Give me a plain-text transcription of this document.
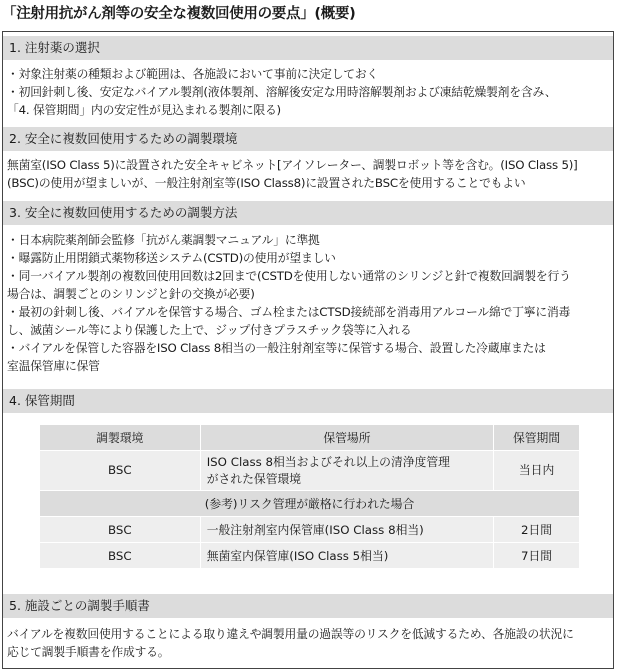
「注射用抗がん剤等の安全な複数回使用の要点」(概要)
1. 注射薬の選択
・対象注射薬の種類および範囲は、各施設において事前に決定しておく
・初回針刺し後、安定なバイアル製剤(液体製剤、溶解後安定な用時溶解製剤および凍結乾燥製剤を含み、
「4. 保管期間」内の安定性が見込まれる製剤に限る)
2. 安全に複数回使用するための調製環境
無菌室(ISO Class 5)に設置された安全キャビネット[アイソレーター、調製ロボット等を含む。(ISO Class 5)]
(BSC)の使用が望ましいが、一般注射剤室等(ISO Class8)に設置されたBSCを使用することでもよい
3. 安全に複数回使用するための調製方法
・日本病院薬剤師会監修「抗がん薬調製マニュアル」に準拠
・曝露防止用閉鎖式薬物移送システム(CSTD)の使用が望ましい
・同一バイアル製剤の複数回使用回数は2回まで(CSTDを使用しない通常のシリンジと針で複数回調製を行う
場合は、調製ごとのシリンジと針の交換が必要)
・最初の針刺し後、バイアルを保管する場合、ゴム栓またはCTSD接続部を消毒用アルコール綿で丁寧に消毒
し、滅菌シール等により保護した上で、ジップ付きプラスチック袋等に入れる
・バイアルを保管した容器をISO Class 8相当の一般注射剤室等に保管する場合、設置した冷蔵庫または
室温保管庫に保管
4. 保管期間
調製環境	保管場所	保管期間
BSC	ISO Class 8相当およびそれ以上の清浄度管理
がされた保管環境	当日内
(参考)リスク管理が厳格に行われた場合		
BSC	一般注射剤室内保管庫(ISO Class 8相当)	2日間
BSC	無菌室内保管庫(ISO Class 5相当)	7日間
5. 施設ごとの調製手順書
バイアルを複数回使用することによる取り違えや調製用量の過誤等のリスクを低減するため、各施設の状況に
応じて調製手順書を作成する。
